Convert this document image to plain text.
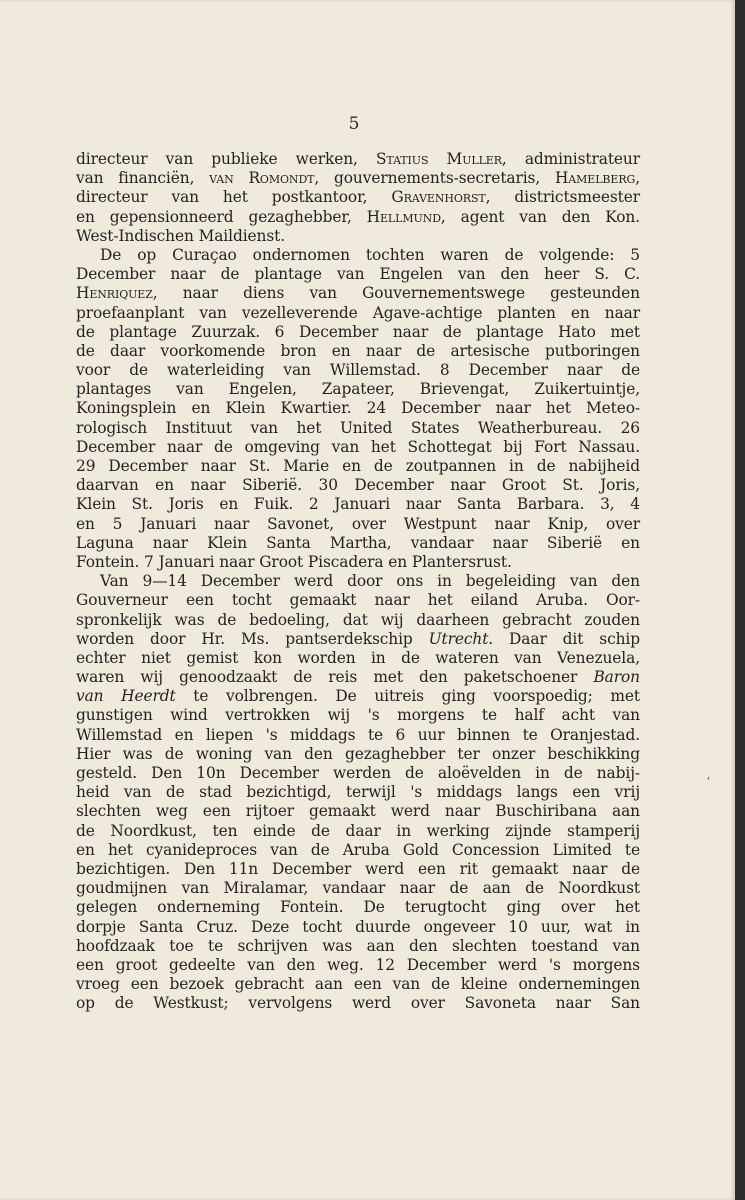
5
directeur van publieke werken, Statius Muller, administrateur
van financiën, van Romondt, gouvernements-secretaris, Hamelberg,
directeur van het postkantoor, Gravenhorst, districtsmeester
en gepensionneerd gezaghebber, Hellmund, agent van den Kon.
West-Indischen Maildienst.
De op Curaçao ondernomen tochten waren de volgende: 5
December naar de plantage van Engelen van den heer S. C.
Henriquez, naar diens van Gouvernementswege gesteunden
proefaanplant van vezelleverende Agave-achtige planten en naar
de plantage Zuurzak. 6 December naar de plantage Hato met
de daar voorkomende bron en naar de artesische putboringen
voor de waterleiding van Willemstad. 8 December naar de
plantages van Engelen, Zapateer, Brievengat, Zuikertuintje,
Koningsplein en Klein Kwartier. 24 December naar het Meteo-
rologisch Instituut van het United States Weatherbureau. 26
December naar de omgeving van het Schottegat bij Fort Nassau.
29 December naar St. Marie en de zoutpannen in de nabijheid
daarvan en naar Siberië. 30 December naar Groot St. Joris,
Klein St. Joris en Fuik. 2 Januari naar Santa Barbara. 3, 4
en 5 Januari naar Savonet, over Westpunt naar Knip, over
Laguna naar Klein Santa Martha, vandaar naar Siberië en
Fontein. 7 Januari naar Groot Piscadera en Plantersrust.
Van 9—14 December werd door ons in begeleiding van den
Gouverneur een tocht gemaakt naar het eiland Aruba. Oor-
spronkelijk was de bedoeling, dat wij daarheen gebracht zouden
worden door Hr. Ms. pantserdekschip Utrecht. Daar dit schip
echter niet gemist kon worden in de wateren van Venezuela,
waren wij genoodzaakt de reis met den paketschoener Baron
van Heerdt te volbrengen. De uitreis ging voorspoedig; met
gunstigen wind vertrokken wij 's morgens te half acht van
Willemstad en liepen 's middags te 6 uur binnen te Oranjestad.
Hier was de woning van den gezaghebber ter onzer beschikking
gesteld. Den 10n December werden de aloëvelden in de nabij-
heid van de stad bezichtigd, terwijl 's middags langs een vrij
slechten weg een rijtoer gemaakt werd naar Buschiribana aan
de Noordkust, ten einde de daar in werking zijnde stamperij
en het cyanideproces van de Aruba Gold Concession Limited te
bezichtigen. Den 11n December werd een rit gemaakt naar de
goudmijnen van Miralamar, vandaar naar de aan de Noordkust
gelegen onderneming Fontein. De terugtocht ging over het
dorpje Santa Cruz. Deze tocht duurde ongeveer 10 uur, wat in
hoofdzaak toe te schrijven was aan den slechten toestand van
een groot gedeelte van den weg. 12 December werd 's morgens
vroeg een bezoek gebracht aan een van de kleine ondernemingen
op de Westkust; vervolgens werd over Savoneta naar San
ʼ
